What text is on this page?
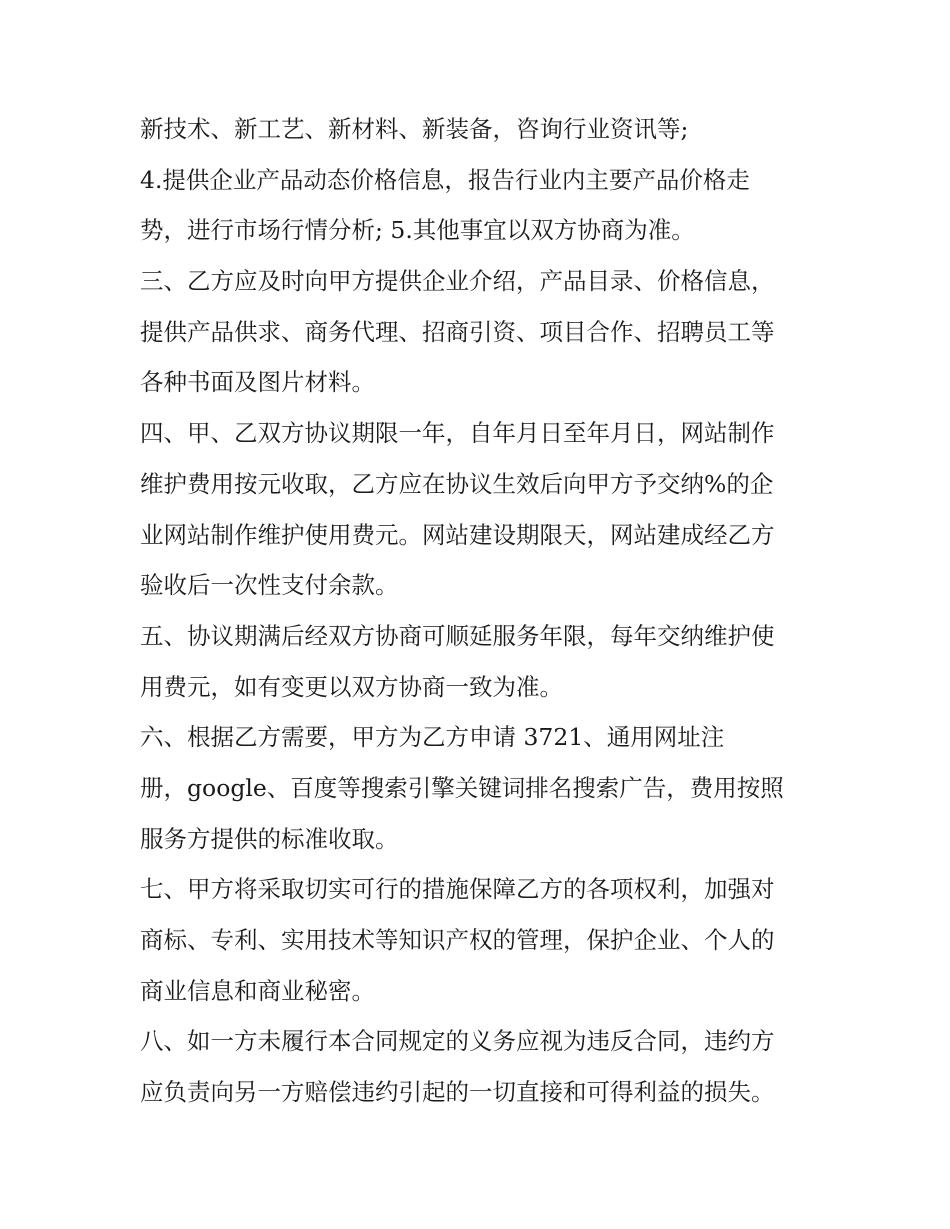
新技术、新工艺、新材料、新装备，咨询行业资讯等;
4.提供企业产品动态价格信息，报告行业内主要产品价格走
势，进行市场行情分析; 5.其他事宜以双方协商为准。
三、乙方应及时向甲方提供企业介绍，产品目录、价格信息，
提供产品供求、商务代理、招商引资、项目合作、招聘员工等
各种书面及图片材料。
四、甲、乙双方协议期限一年，自年月日至年月日，网站制作
维护费用按元收取，乙方应在协议生效后向甲方予交纳%的企
业网站制作维护使用费元。网站建设期限天，网站建成经乙方
验收后一次性支付余款。
五、协议期满后经双方协商可顺延服务年限，每年交纳维护使
用费元，如有变更以双方协商一致为准。
六、根据乙方需要，甲方为乙方申请 3721、通用网址注
册，google、百度等搜索引擎关键词排名搜索广告，费用按照
服务方提供的标准收取。
七、甲方将采取切实可行的措施保障乙方的各项权利，加强对
商标、专利、实用技术等知识产权的管理，保护企业、个人的
商业信息和商业秘密。
八、如一方未履行本合同规定的义务应视为违反合同，违约方
应负责向另一方赔偿违约引起的一切直接和可得利益的损失。
